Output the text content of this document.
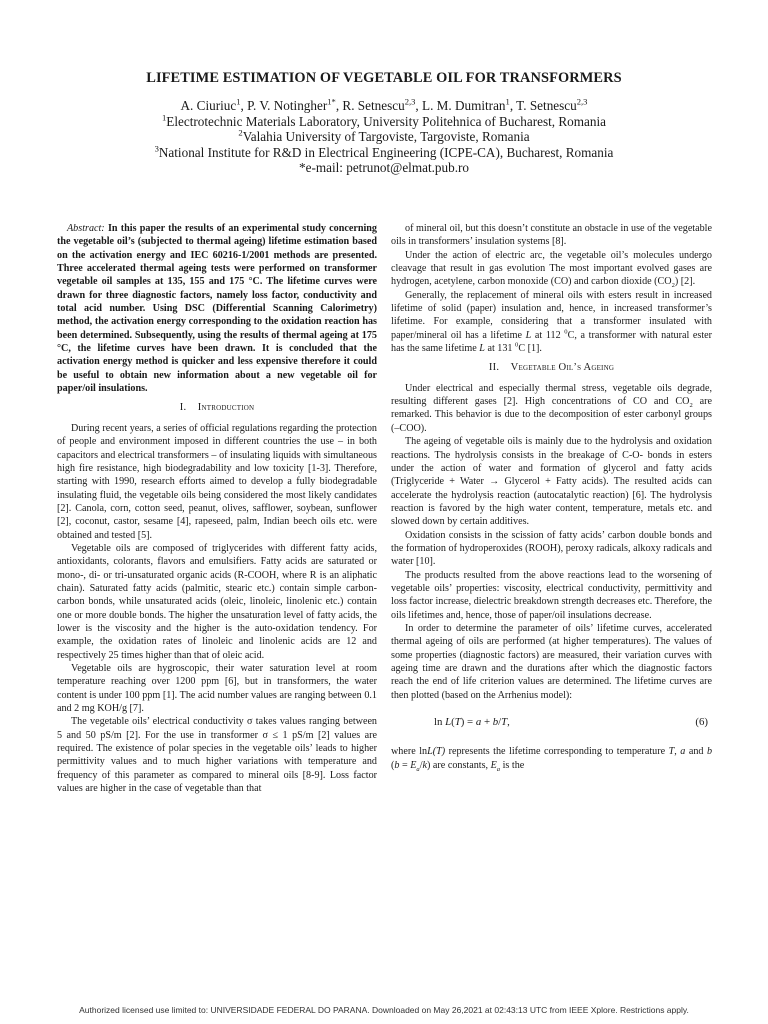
LIFETIME ESTIMATION OF VEGETABLE OIL FOR TRANSFORMERS
A. Ciuriuc$^1$, P. V. Notingher$^{1*}$, R. Setnescu$^{2,3}$, L. M. Dumitran$^1$, T. Setnescu$^{2,3}$
$^1$Electrotechnic Materials Laboratory, University Politehnica of Bucharest, Romania
$^2$Valahia University of Targoviste, Targoviste, Romania
$^3$National Institute for R&D in Electrical Engineering (ICPE-CA), Bucharest, Romania
*e-mail: petrunot@elmat.pub.ro

Abstract: In this paper the results of an experimental study concerning the vegetable oil’s (subjected to thermal ageing) lifetime estimation based on the activation energy and IEC 60216-1/2001 methods are presented. Three accelerated thermal ageing tests were performed on transformer vegetable oil samples at 135, 155 and 175 °C. The lifetime curves were drawn for three diagnostic factors, namely loss factor, conductivity and total acid number. Using DSC (Differential Scanning Calorimetry) method, the activation energy corresponding to the oxidation reaction has been determined. Subsequently, using the results of thermal ageing at 175 °C, the lifetime curves have been drawn. It is concluded that the activation energy method is quicker and less expensive therefore it could be useful to obtain new information about a new vegetable oil for paper/oil insulations.

I. Introduction

During recent years, a series of official regulations regarding the protection of people and environment imposed in different countries the use – in both capacitors and electrical transformers – of insulating liquids with simultaneous high fire resistance, high biodegradability and low toxicity [1-3]. Therefore, starting with 1990, research efforts aimed to develop a fully biodegradable insulating fluid, the vegetable oils being considered the most likely candidates [2]. Canola, corn, cotton seed, peanut, olives, safflower, soybean, sunflower [2], coconut, castor, sesame [4], rapeseed, palm, Indian beech oils etc. were obtained and tested [5].

Vegetable oils are composed of triglycerides with different fatty acids, antioxidants, colorants, flavors and emulsifiers. Fatty acids are saturated or mono-, di- or tri-unsaturated organic acids (R-COOH, where R is an aliphatic chain). Saturated fatty acids (palmitic, stearic etc.) contain simple carbon-carbon bonds, while unsaturated acids (oleic, linoleic, linolenic etc.) contain one or more double bonds. The higher the unsaturation level of fatty acids, the lower is the viscosity and the higher is the auto-oxidation tendency. For example, the oxidation rates of linoleic and linolenic acids are 12 and respectively 25 times higher than that of oleic acid.

Vegetable oils are hygroscopic, their water saturation level at room temperature reaching over 1200 ppm [6], but in transformers, the water content is under 100 ppm [1]. The acid number values are ranging between 0.1 and 2 mg KOH/g [7].

The vegetable oils’ electrical conductivity σ takes values ranging between 5 and 50 pS/m [2]. For the use in transformer σ ≤ 1 pS/m [2] values are required. The existence of polar species in the vegetable oils’ leads to higher permittivity values and to much higher variations with temperature and frequency of this parameter as compared to mineral oils [8-9]. Loss factor values are higher in the case of vegetable than that

of mineral oil, but this doesn’t constitute an obstacle in use of the vegetable oils in transformers’ insulation systems [8].

Under the action of electric arc, the vegetable oil’s molecules undergo cleavage that result in gas evolution The most important evolved gases are hydrogen, acetylene, carbon monoxide (CO) and carbon dioxide $(CO_2)$ [2].

Generally, the replacement of mineral oils with esters result in increased lifetime of solid (paper) insulation and, hence, in increased transformer’s lifetime. For example, considering that a transformer insulated with paper/mineral oil has a lifetime L at 112 $^0$C, a transformer with natural ester has the same lifetime L at 131 $^0$C [1].

II. Vegetable Oil’s Ageing

Under electrical and especially thermal stress, vegetable oils degrade, resulting different gases [2]. High concentrations of CO and $CO_2$ are remarked. This behavior is due to the decomposition of ester carbonyl groups (–COO).

The ageing of vegetable oils is mainly due to the hydrolysis and oxidation reactions. The hydrolysis consists in the breakage of C-O- bonds in esters under the action of water and formation of glycerol and fatty acids (Triglyceride + Water → Glycerol + Fatty acids). The resulted acids can accelerate the hydrolysis reaction (autocatalytic reaction) [6]. The hydrolysis reaction is favored by the high water content, temperature, metals etc. and slowed down by certain additives.

Oxidation consists in the scission of fatty acids’ carbon double bonds and the formation of hydroperoxides (ROOH), peroxy radicals, alkoxy radicals and water [10].

The products resulted from the above reactions lead to the worsening of vegetable oils’ properties: viscosity, electrical conductivity, permittivity and loss factor increase, dielectric breakdown strength decreases etc. Therefore, the oils lifetimes and, hence, those of paper/oil insulations decrease.

In order to determine the parameter of oils’ lifetime curves, accelerated thermal ageing of oils are performed (at higher temperatures). The values of some properties (diagnostic factors) are measured, their variation curves with ageing time are drawn and the durations after which the diagnostic factors reach the end of life criterion values are determined. The lifetime curves are then plotted (based on the Arrhenius model):

ln L(T) = a + b/T,	(6)

where lnL(T) represents the lifetime corresponding to temperature T, a and b $(b = E_a/k)$ are constants, $E_a$ is the

Authorized licensed use limited to: UNIVERSIDADE FEDERAL DO PARANA. Downloaded on May 26,2021 at 02:43:13 UTC from IEEE Xplore. Restrictions apply.
